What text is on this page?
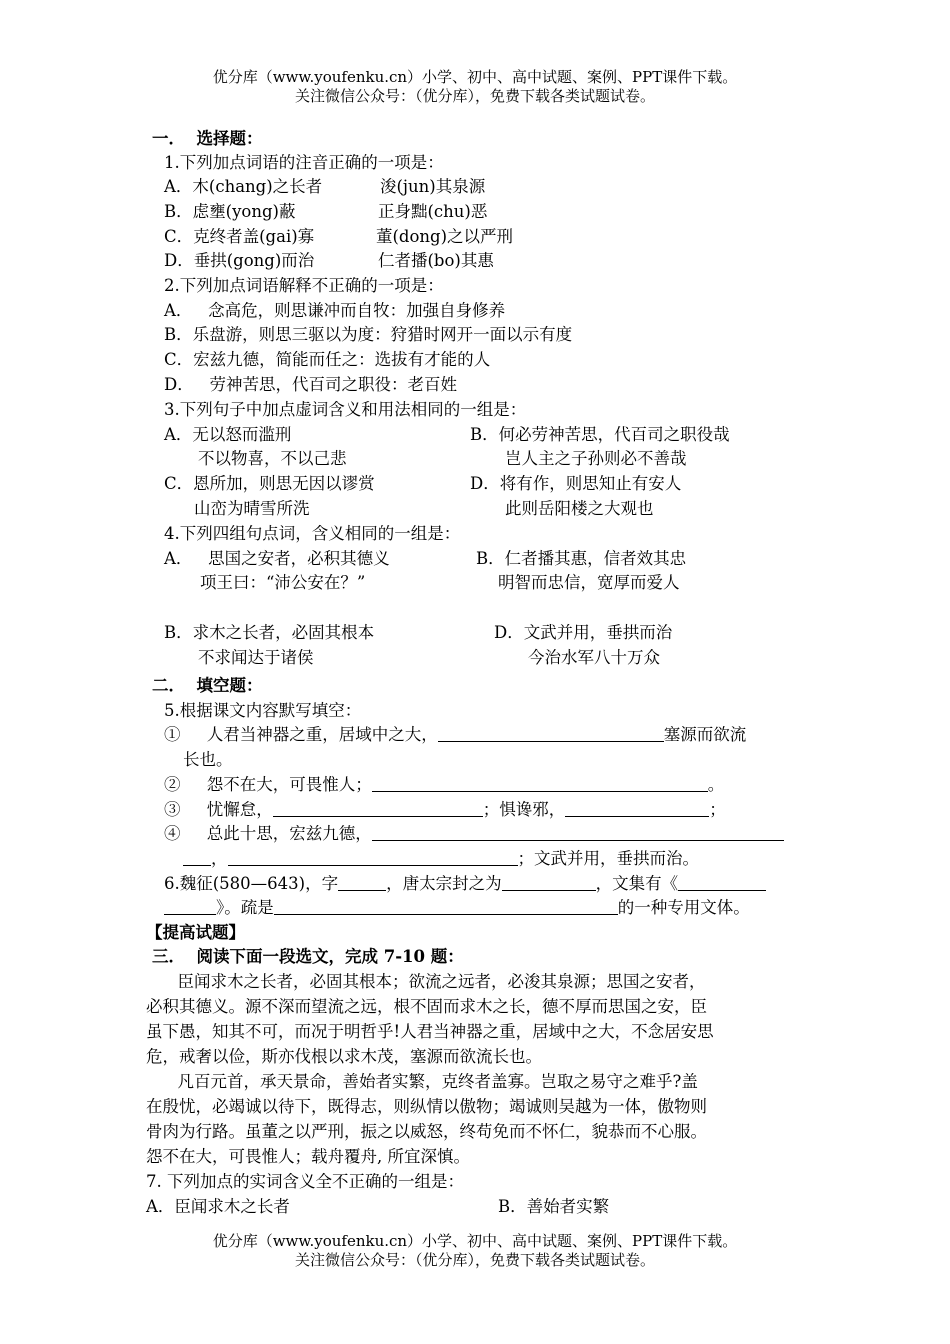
优分库（www.youfenku.cn）小学、初中、高中试题、案例、PPT课件下载。
关注微信公众号：（优分库），免费下载各类试题试卷。
一．  选择题：
1.下列加点词语的注音正确的一项是：
A．木(chang)之长者	浚(jun)其泉源
B．虑壅(yong)蔽	正身黜(chu)恶
C．克终者盖(gai)寡	董(dong)之以严刑
D．垂拱(gong)而治	仁者播(bo)其惠
2.下列加点词语解释不正确的一项是：
A．   念高危，则思谦冲而自牧：加强自身修养
B．乐盘游，则思三驱以为度：狩猎时网开一面以示有度
C．宏兹九德，简能而任之：选拔有才能的人
D．   劳神苦思，代百司之职役：老百姓
3.下列句子中加点虚词含义和用法相同的一组是：
A．无以怒而滥刑	B．何必劳神苦思，代百司之职役哉
不以物喜，不以己悲	岂人主之子孙则必不善哉
C．恩所加，则思无因以谬赏	D．将有作，则思知止有安人
山峦为晴雪所洗	此则岳阳楼之大观也
4.下列四组句点词，含义相同的一组是：
A．   思国之安者，必积其德义	B．仁者播其惠，信者效其忠
项王曰：“沛公安在？”	明智而忠信，宽厚而爱人
B．求木之长者，必固其根本	D．文武并用，垂拱而治
不求闻达于诸侯	今治水军八十万众
二．  填空题：
5.根据课文内容默写填空：
①     人君当神器之重，居域中之大，	塞源而欲流
长也。
②     怨不在大，可畏惟人；	。
③     忧懈怠，	；惧谗邪，	；
④     总此十思，宏兹九德，
，	；文武并用，垂拱而治。
6.魏征(580—643)，字	，唐太宗封之为	，文集有《
》。疏是	的一种专用文体。
【提高试题】
三．  阅读下面一段选文，完成 7-10 题：
臣闻求木之长者，必固其根本；欲流之远者，必浚其泉源；思国之安者，
必积其德义。源不深而望流之远，根不固而求木之长，德不厚而思国之安，臣
虽下愚，知其不可，而况于明哲乎!人君当神器之重，居域中之大，不念居安思
危，戒奢以俭，斯亦伐根以求木茂，塞源而欲流长也。
凡百元首，承天景命，善始者实繁，克终者盖寡。岂取之易守之难乎?盖
在殷忧，必竭诚以待下，既得志，则纵情以傲物；竭诚则吴越为一体，傲物则
骨肉为行路。虽董之以严刑，振之以威怒，终苟免而不怀仁，貌恭而不心服。
怨不在大，可畏惟人；载舟覆舟, 所宜深慎。
7. 下列加点的实词含义全不正确的一组是：
A．臣闻求木之长者	B．善始者实繁
优分库（www.youfenku.cn）小学、初中、高中试题、案例、PPT课件下载。
关注微信公众号：（优分库），免费下载各类试题试卷。
